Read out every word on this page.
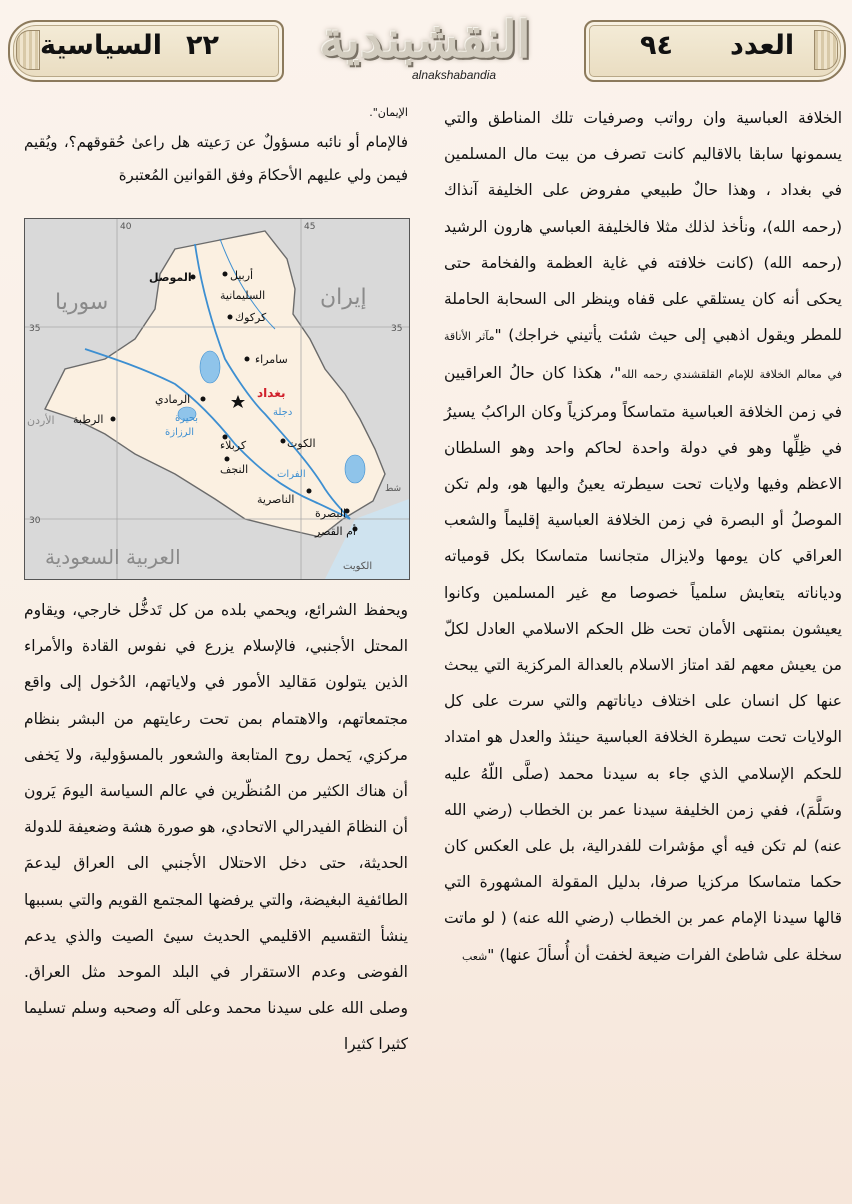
السياسية ٢٢	النقشبندية
alnakshabandia
٩٤ العدد

الخلافة العباسية وان رواتب وصرفيات تلك المناطق والتي يسمونها سابقا بالاقاليم كانت تصرف من بيت مال المسلمين في بغداد ، وهذا حالٌ طبيعي مفروض على الخليفة آنذاك (رحمه الله)، ونأخذ لذلك مثلا فالخليفة العباسي هارون الرشيد (رحمه الله) (كانت خلافته في غاية العظمة والفخامة حتى يحكى أنه كان يستلقي على قفاه وينظر الى السحابة الحاملة للمطر ويقول اذهبي إلى حيث شئت يأتيني خراجك) "مآثر الأناقة في معالم الخلافة للإمام القلقشندي رحمه الله"، هكذا كان حالُ العراقيين في زمن الخلافة العباسية متماسكاً ومركزياً وكان الراكبُ يسيرُ في ظِلِّها وهو في دولة واحدة لحاكم واحد وهو السلطان الاعظم وفيها ولايات تحت سيطرته يعينُ واليها هو، ولم تكن الموصلُ أو البصرة في زمن الخلافة العباسية إقليماً والشعب العراقي كان يومها ولايزال متجانسا متماسكا بكل قومياته ودياناته يتعايش سلمياً خصوصا مع غير المسلمين وكانوا يعيشون بمنتهى الأمان تحت ظل الحكم الاسلامي العادل لكلّ من يعيش معهم لقد امتاز الاسلام بالعدالة المركزية التي يبحث عنها كل انسان على اختلاف دياناتهم والتي سرت على كل الولايات تحت سيطرة الخلافة العباسية حينئذ والعدل هو امتداد للحكم الإسلامي الذي جاء به سيدنا محمد (صلَّى اللّهُ عليه وسَلَّمَ)، ففي زمن الخليفة سيدنا عمر بن الخطاب (رضي الله عنه) لم تكن فيه أي مؤشرات للفدرالية، بل على العكس كان حكما متماسكا مركزيا صرفا، بدليل المقولة المشهورة التي قالها سيدنا الإمام عمر بن الخطاب (رضي الله عنه) ( لو ماتت سخلة على شاطئ الفرات ضيعة لخفت أن أُسألَ عنها) "شعب

الإيمان".

فالإمام أو نائبه مسؤولٌ عن رَعيته هل راعىٰ حُقوقهم؟، ويُقيم فيمن ولي عليهم الأحكامَ وفق القوانين المُعتبرة

35
35
30
40	45
سوريا	إيران
العربية السعودية
الأردن
الكويت
الموصل	أربيل
السليمانية
كركوك
سامراء
بغداد
الرمادي
الرطبة
كربلاء
النجف
الكوت
الناصرية
البصرة
أم القصر
بحيرة
الرزازة
دجلة
الفرات
شط

ويحفظ الشرائع، ويحمي بلده من كل تَدخُّل خارجي، ويقاوم المحتل الأجنبي، فالإسلام يزرع في نفوس القادة والأمراء الذين يتولون مَقاليد الأمور في ولاياتهم، الدُخول إلى واقع مجتمعاتهم، والاهتمام بمن تحت رعايتهم من البشر بنظام مركزي، يَحمل روح المتابعة والشعور بالمسؤولية، ولا يَخفى أن هناك الكثير من المُنظّرين في عالم السياسة اليومَ يَرون أن النظامَ الفيدرالي الاتحادي، هو صورة هشة وضعيفة للدولة الحديثة، حتى دخل الاحتلال الأجنبي الى العراق ليدعمَ الطائفية البغيضة، والتي يرفضها المجتمع القويم والتي بسببها ينشأ التقسيم الاقليمي الحديث سيئ الصيت والذي يدعم الفوضى وعدم الاستقرار في البلد الموحد مثل العراق. وصلى الله على سيدنا محمد وعلى آله وصحبه وسلم تسليما كثيرا كثيرا
